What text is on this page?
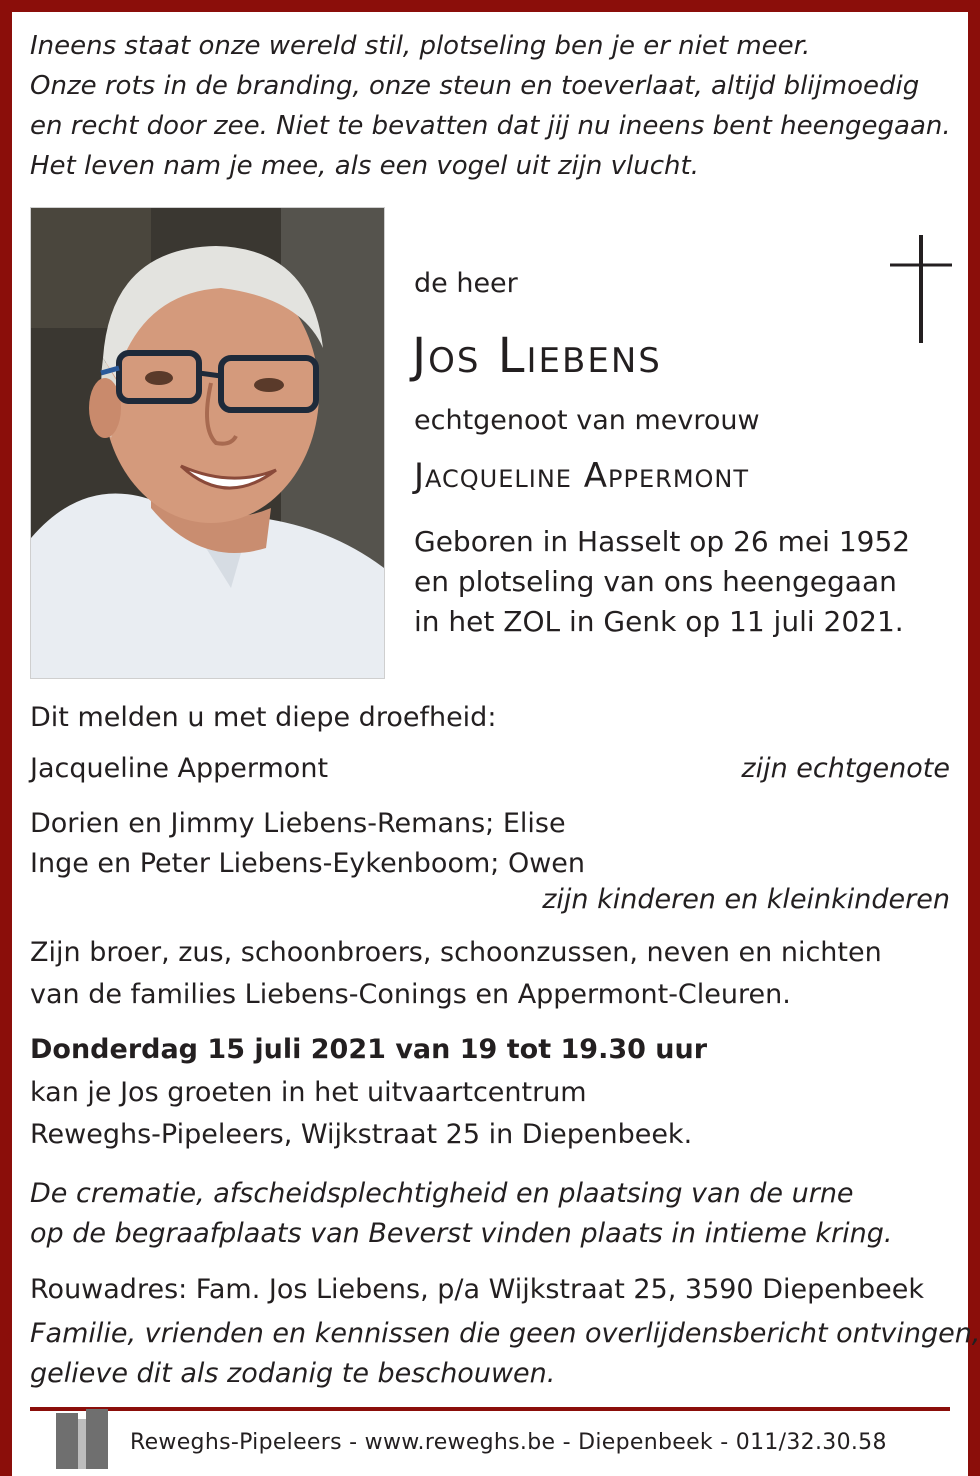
Ineens staat onze wereld stil, plotseling ben je er niet meer.
Onze rots in de branding, onze steun en toeverlaat, altijd blijmoedig
en recht door zee. Niet te bevatten dat jij nu ineens bent heengegaan.
Het leven nam je mee, als een vogel uit zijn vlucht.
de heer
Jos Liebens
echtgenoot van mevrouw
Jacqueline Appermont
Geboren in Hasselt op 26 mei 1952
en plotseling van ons heengegaan
in het ZOL in Genk op 11 juli 2021.
Dit melden u met diepe droefheid:
Jacqueline Appermont	zijn echtgenote
Dorien en Jimmy Liebens-Remans; Elise
Inge en Peter Liebens-Eykenboom; Owen
zijn kinderen en kleinkinderen
Zijn broer, zus, schoonbroers, schoonzussen, neven en nichten
van de families Liebens-Conings en Appermont-Cleuren.
Donderdag 15 juli 2021 van 19 tot 19.30 uur
kan je Jos groeten in het uitvaartcentrum
Reweghs-Pipeleers, Wijkstraat 25 in Diepenbeek.
De crematie, afscheidsplechtigheid en plaatsing van de urne
op de begraafplaats van Beverst vinden plaats in intieme kring.
Rouwadres: Fam. Jos Liebens, p/a Wijkstraat 25, 3590 Diepenbeek
Familie, vrienden en kennissen die geen overlijdensbericht ontvingen,
gelieve dit als zodanig te beschouwen.
Reweghs-Pipeleers - www.reweghs.be - Diepenbeek - 011/32.30.58
